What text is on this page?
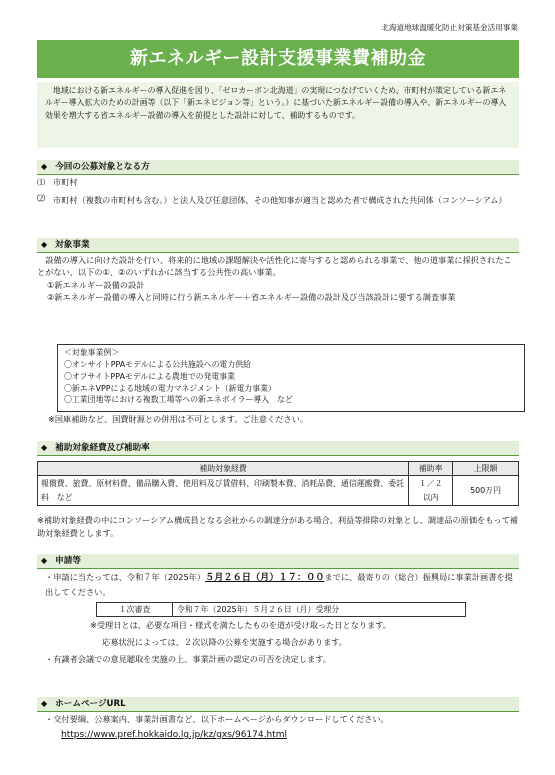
北海道地球温暖化防止対策基金活用事業
新エネルギー設計支援事業費補助金

地域における新エネルギーの導入促進を図り、「ゼロカーボン北海道」の実現につなげていくため、市町村が策定している新エネルギー導入拡大のための計画等（以下「新エネビジョン等」という。）に基づいた新エネルギー設備の導入や、新エネルギーの導入効果を増大する省エネルギー設備の導入を前提とした設計に対して、補助するものです。

◆ 今回の公募対象となる方
⑴ 市町村
⑵ 市町村（複数の市町村も含む。）と法人及び任意団体、その他知事が適当と認めた者で構成された共同体（コンソーシアム）
◆ 対象事業
設備の導入に向けた設計を行い、将来的に地域の課題解決や活性化に寄与すると認められる事業で、他の道事業に採択されたことがない、以下の①、②のいずれかに該当する公共性の高い事業。
①新エネルギー設備の設計
②新エネルギー設備の導入と同時に行う新エネルギー＋省エネルギー設備の設計及び当該設計に要する調査事業
＜対象事業例＞
〇オンサイトPPAモデルによる公共施設への電力供給
〇オフサイトPPAモデルによる農地での発電事業
〇新エネVPPによる地域の電力マネジメント（新電力事業）
〇工業団地等における複数工場等への新エネボイラー導入　など
※国庫補助など、国費財源との併用は不可とします。ご注意ください。
◆ 補助対象経費及び補助率
補助対象経費	補助率	上限額
報償費、旅費、原材料費、備品購入費、使用料及び賃借料、印刷製本費、消耗品費、通信運搬費、委託料　など	１／２
以内	500万円
※補助対象経費の中にコンソーシアム構成員となる会社からの調達分がある場合、利益等排除の対象とし、調達品の原価をもって補助対象経費とします。
◆ 申請等
・申請に当たっては、令和７年（2025年）５月２６日（月）１７：００までに、最寄りの（総合）振興局に事業計画書を提出してください。
１次審査	令和７年（2025年）５月２６日（月）受理分
※受理日とは、必要な項目・様式を満たしたものを道が受け取った日となります。
応募状況によっては、２次以降の公募を実施する場合があります。
・有識者会議での意見聴取を実施の上、事業計画の認定の可否を決定します。
◆ ホームページURL
・交付要綱、公募案内、事業計画書など、以下ホームページからダウンロードしてください。
https://www.pref.hokkaido.lg.jp/kz/gxs/96174.html
